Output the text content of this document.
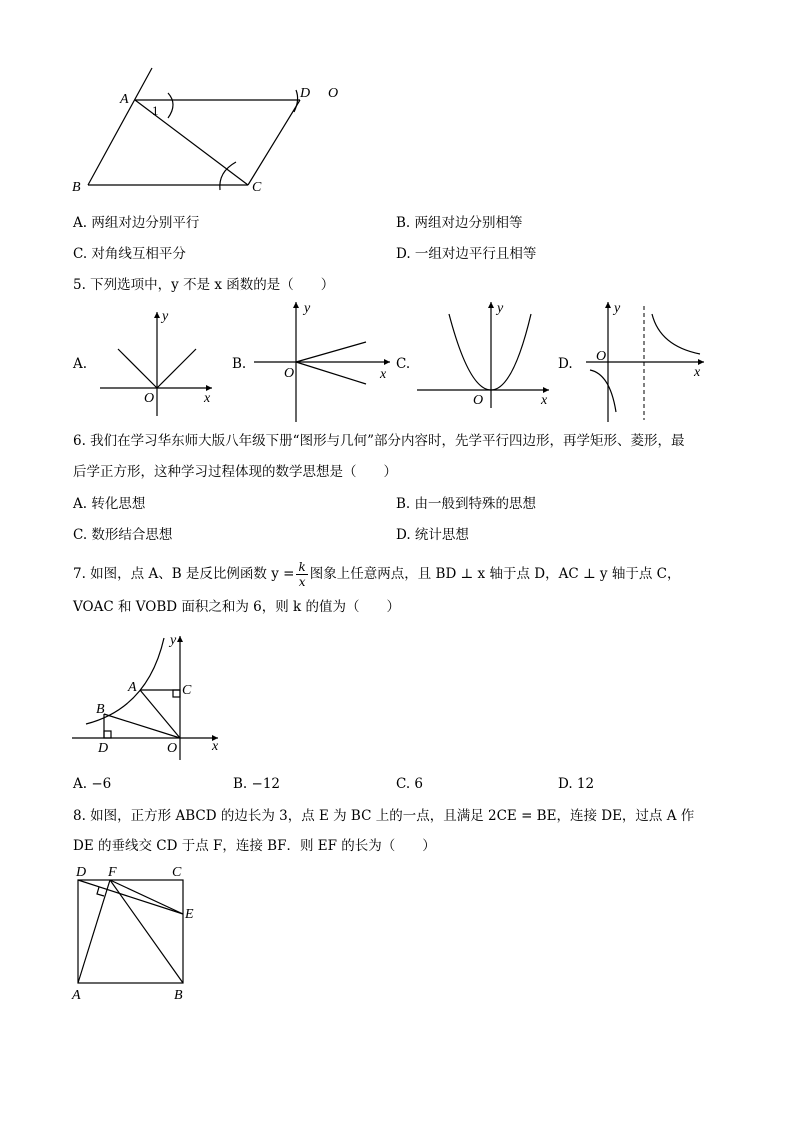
A
B	C
D O
1
A. 两组对边分别平行	B. 两组对边分别相等
C. 对角线互相平分	D. 一组对边平行且相等
5. 下列选项中，y 不是 x 函数的是（　　）
A.
x
y
O
B.
x
y
O
C.
x
y
O
D.
x
y
O
6. 我们在学习华东师大版八年级下册“图形与几何”部分内容时，先学平行四边形，再学矩形、菱形，最
后学正方形，这种学习过程体现的数学思想是（　　）
A. 转化思想	B. 由一般到特殊的思想
C. 数形结合思想	D. 统计思想
7. 如图，点 A、B 是反比例函数 $y = \frac{k}{x}$ 图象上任意两点，且 BD ⊥ x 轴于点 D，AC ⊥ y 轴于点 C，
VOAC 和 VOBD 面积之和为 6，则 k 的值为（　　）
y
x
A
B
C
D	O
A. −6	B. −12	C. 6	D. 12
8. 如图，正方形 ABCD 的边长为 3，点 E 为 BC 上的一点，且满足 2CE = BE，连接 DE，过点 A 作
DE 的垂线交 CD 于点 F，连接 BF．则 EF 的长为（　　）
D F	C
E
A	B
